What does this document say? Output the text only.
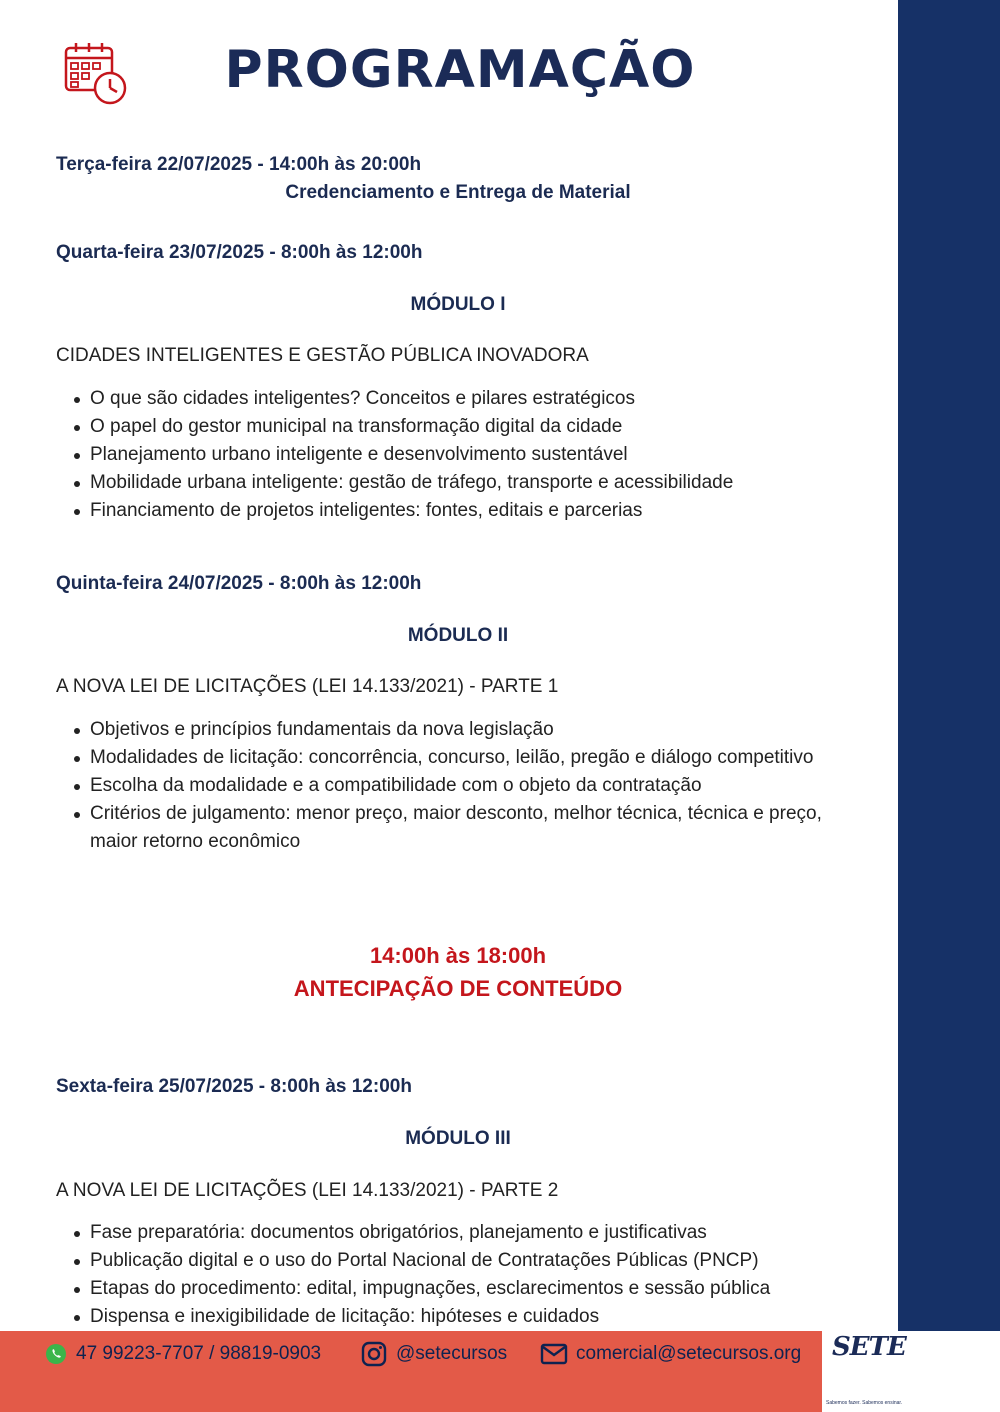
PROGRAMAÇÃO
Terça-feira 22/07/2025 - 14:00h às 20:00h
Credenciamento e Entrega de Material
Quarta-feira 23/07/2025 - 8:00h às 12:00h
MÓDULO I
CIDADES INTELIGENTES E GESTÃO PÚBLICA INOVADORA
O que são cidades inteligentes? Conceitos e pilares estratégicos
O papel do gestor municipal na transformação digital da cidade
Planejamento urbano inteligente e desenvolvimento sustentável
Mobilidade urbana inteligente: gestão de tráfego, transporte e acessibilidade
Financiamento de projetos inteligentes: fontes, editais e parcerias
Quinta-feira 24/07/2025 - 8:00h às 12:00h
MÓDULO II
A NOVA LEI DE LICITAÇÕES (LEI 14.133/2021) - PARTE 1
Objetivos e princípios fundamentais da nova legislação
Modalidades de licitação: concorrência, concurso, leilão, pregão e diálogo competitivo
Escolha da modalidade e a compatibilidade com o objeto da contratação
Critérios de julgamento: menor preço, maior desconto, melhor técnica, técnica e preço, maior retorno econômico
14:00h às 18:00h
ANTECIPAÇÃO DE CONTEÚDO
Sexta-feira 25/07/2025 - 8:00h às 12:00h
MÓDULO III
A NOVA LEI DE LICITAÇÕES (LEI 14.133/2021) - PARTE 2
Fase preparatória: documentos obrigatórios, planejamento e justificativas
Publicação digital e o uso do Portal Nacional de Contratações Públicas (PNCP)
Etapas do procedimento: edital, impugnações, esclarecimentos e sessão pública
Dispensa e inexigibilidade de licitação: hipóteses e cuidados
47 99223-7707 / 98819-0903	@setecursos	comercial@setecursos.org SETE
Sabemos fazer. Sabemos ensinar.
